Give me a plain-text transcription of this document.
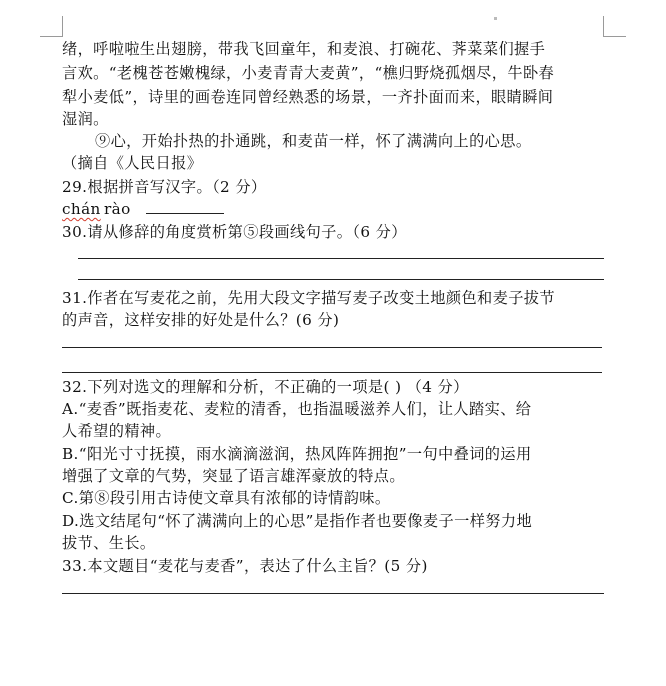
绪，呼啦啦生出翅膀，带我飞回童年，和麦浪、打碗花、荠菜菜们握手
言欢。“老槐苍苍嫩槐绿，小麦青青大麦黄”，“樵归野烧孤烟尽，牛卧春
犁小麦低”，诗里的画卷连同曾经熟悉的场景，一齐扑面而来，眼睛瞬间
湿润。
⑨心，开始扑热的扑通跳，和麦苗一样，怀了满满向上的心思。
（摘自《人民日报》
29.根据拼音写汉字。（2 分）
chán rào
30.请从修辞的角度赏析第⑤段画线句子。（6 分）
31.作者在写麦花之前，先用大段文字描写麦子改变土地颜色和麦子拔节
的声音，这样安排的好处是什么？(6 分)
32.下列对选文的理解和分析，不正确的一项是( ) （4 分）
A.“麦香”既指麦花、麦粒的清香，也指温暖滋养人们，让人踏实、给
人希望的精神。
B.“阳光寸寸抚摸，雨水滴滴滋润，热风阵阵拥抱”一句中叠词的运用
增强了文章的气势，突显了语言雄浑豪放的特点。
C.第⑧段引用古诗使文章具有浓郁的诗情韵味。
D.选文结尾句“怀了满满向上的心思”是指作者也要像麦子一样努力地
拔节、生长。
33.本文题目“麦花与麦香”，表达了什么主旨？(5 分)
